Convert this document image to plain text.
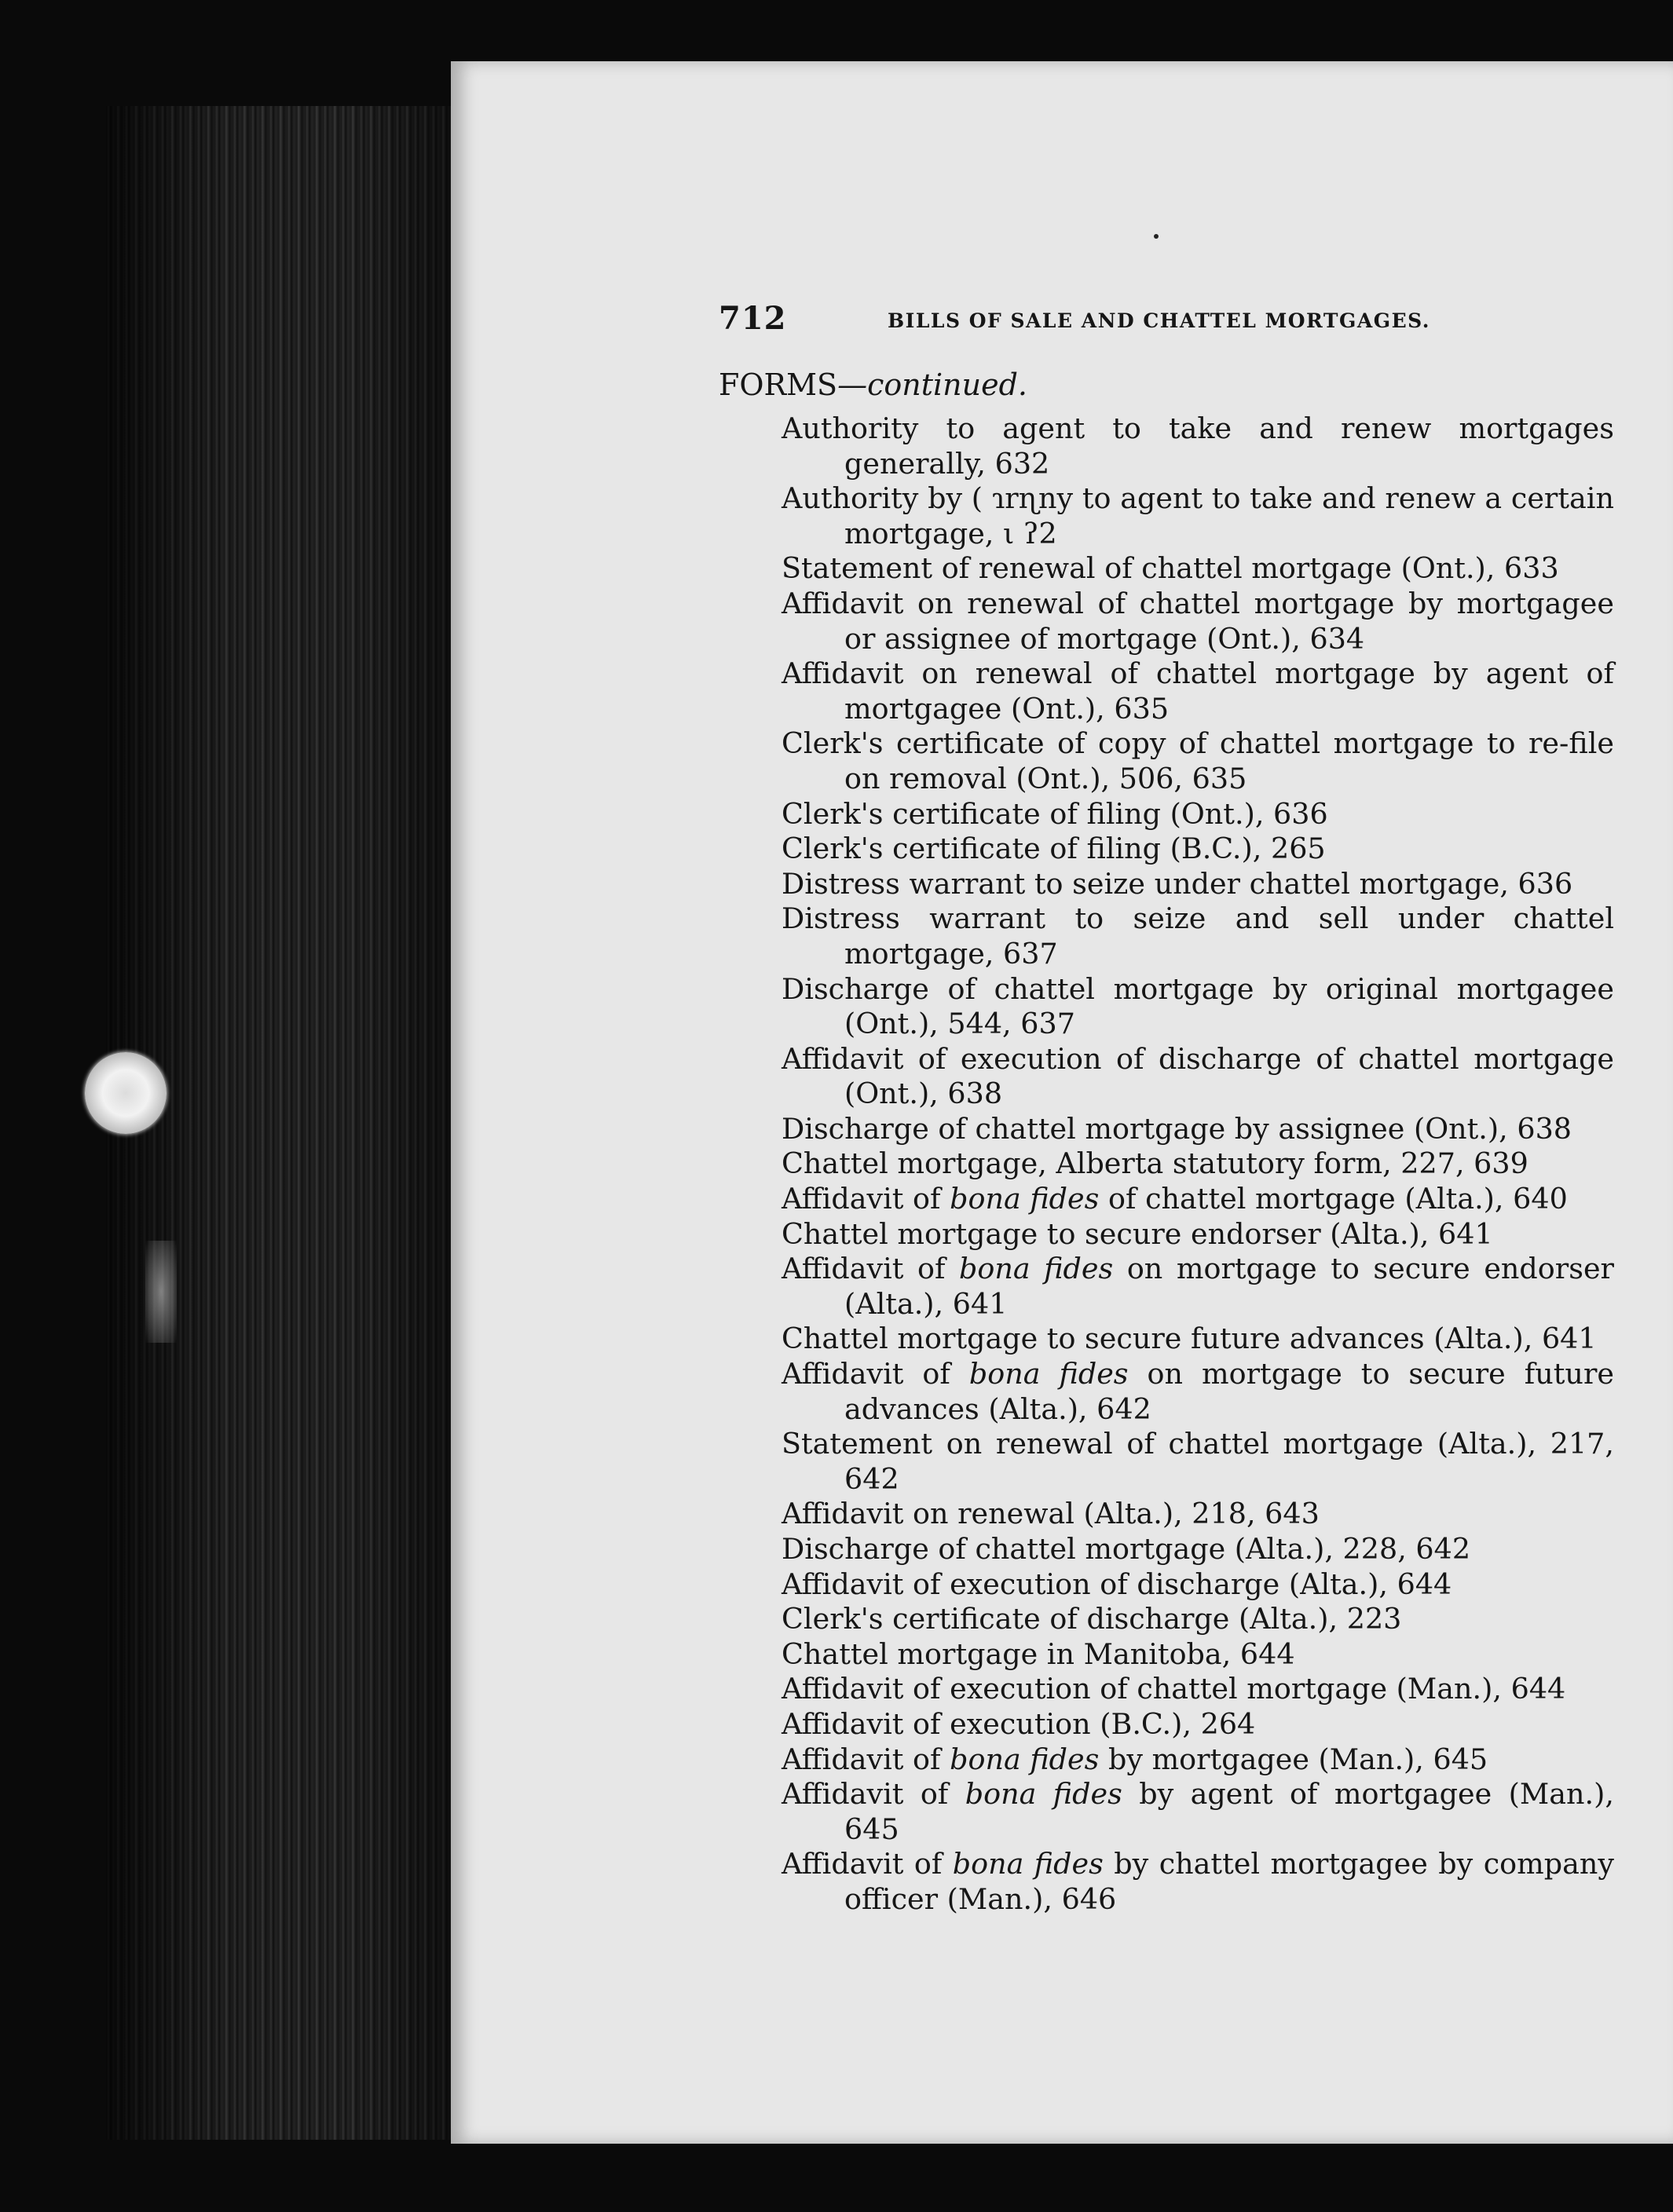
712	BILLS OF SALE AND CHATTEL MORTGAGES.
FORMS—continued.
Authority to agent to take and renew mortgages generally, 632
Authority by ( ɿrɳny to agent to take and renew a certain mortgage, ι ʔ2
Statement of renewal of chattel mortgage (Ont.), 633
Affidavit on renewal of chattel mortgage by mortgagee or assignee of mortgage (Ont.), 634
Affidavit on renewal of chattel mortgage by agent of mortgagee (Ont.), 635
Clerk's certificate of copy of chattel mortgage to re-file on removal (Ont.), 506, 635
Clerk's certificate of filing (Ont.), 636
Clerk's certificate of filing (B.C.), 265
Distress warrant to seize under chattel mortgage, 636
Distress warrant to seize and sell under chattel mortgage, 637
Discharge of chattel mortgage by original mortgagee (Ont.), 544, 637
Affidavit of execution of discharge of chattel mortgage (Ont.), 638
Discharge of chattel mortgage by assignee (Ont.), 638
Chattel mortgage, Alberta statutory form, 227, 639
Affidavit of bona fides of chattel mortgage (Alta.), 640
Chattel mortgage to secure endorser (Alta.), 641
Affidavit of bona fides on mortgage to secure endorser (Alta.), 641
Chattel mortgage to secure future advances (Alta.), 641
Affidavit of bona fides on mortgage to secure future advances (Alta.), 642
Statement on renewal of chattel mortgage (Alta.), 217, 642
Affidavit on renewal (Alta.), 218, 643
Discharge of chattel mortgage (Alta.), 228, 642
Affidavit of execution of discharge (Alta.), 644
Clerk's certificate of discharge (Alta.), 223
Chattel mortgage in Manitoba, 644
Affidavit of execution of chattel mortgage (Man.), 644
Affidavit of execution (B.C.), 264
Affidavit of bona fides by mortgagee (Man.), 645
Affidavit of bona fides by agent of mortgagee (Man.), 645
Affidavit of bona fides by chattel mortgagee by company officer (Man.), 646
